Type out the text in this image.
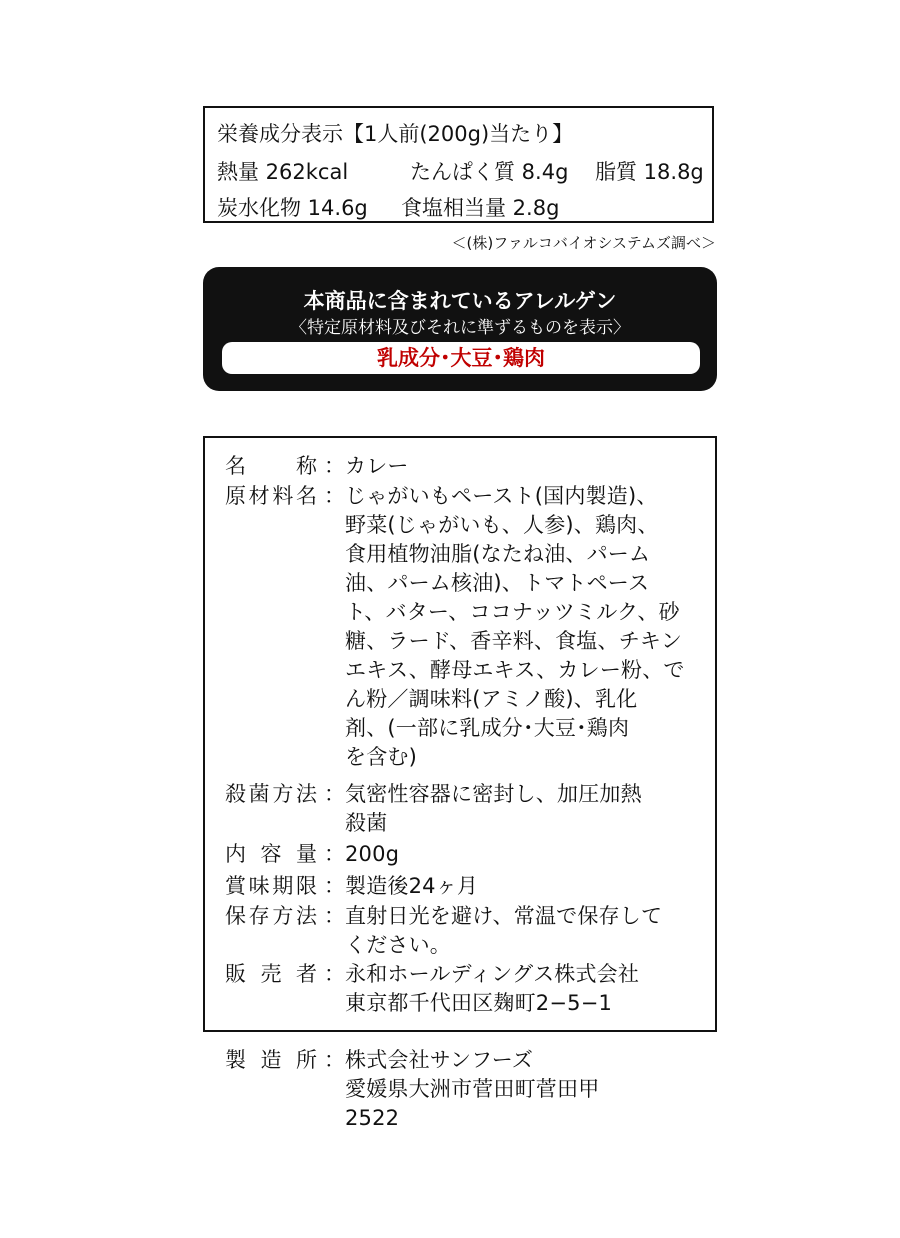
栄養成分表示【1人前(200g)当たり】
熱量 262kcal	たんぱく質 8.4g 脂質 18.8g
炭水化物 14.6g 食塩相当量 2.8g
＜(株)ファルコバイオシステムズ調べ＞
本商品に含まれているアレルゲン
〈特定原材料及びそれに準ずるものを表示〉
乳成分･大豆･鶏肉
名 称 ： カレー
原 材 料 名 ： じゃがいもペースト(国内製造)、
野菜(じゃがいも、人参)、鶏肉、
食用植物油脂(なたね油、パーム
油、パーム核油)、トマトペース
ト、バター、ココナッツミルク、砂
糖、ラード、香辛料、食塩、チキン
エキス、酵母エキス、カレー粉、で
ん粉／調味料(アミノ酸)、乳化
剤、(一部に乳成分･大豆･鶏肉
を含む)
殺 菌 方 法 ： 気密性容器に密封し、加圧加熱
殺菌
内 容 量 ： 200g
賞 味 期 限 ： 製造後24ヶ月
保 存 方 法 ： 直射日光を避け、常温で保存して
ください。
販 売 者 ： 永和ホールディングス株式会社
東京都千代田区麹町2−5−1
製 造 所 ： 株式会社サンフーズ
愛媛県大洲市菅田町菅田甲
2522
